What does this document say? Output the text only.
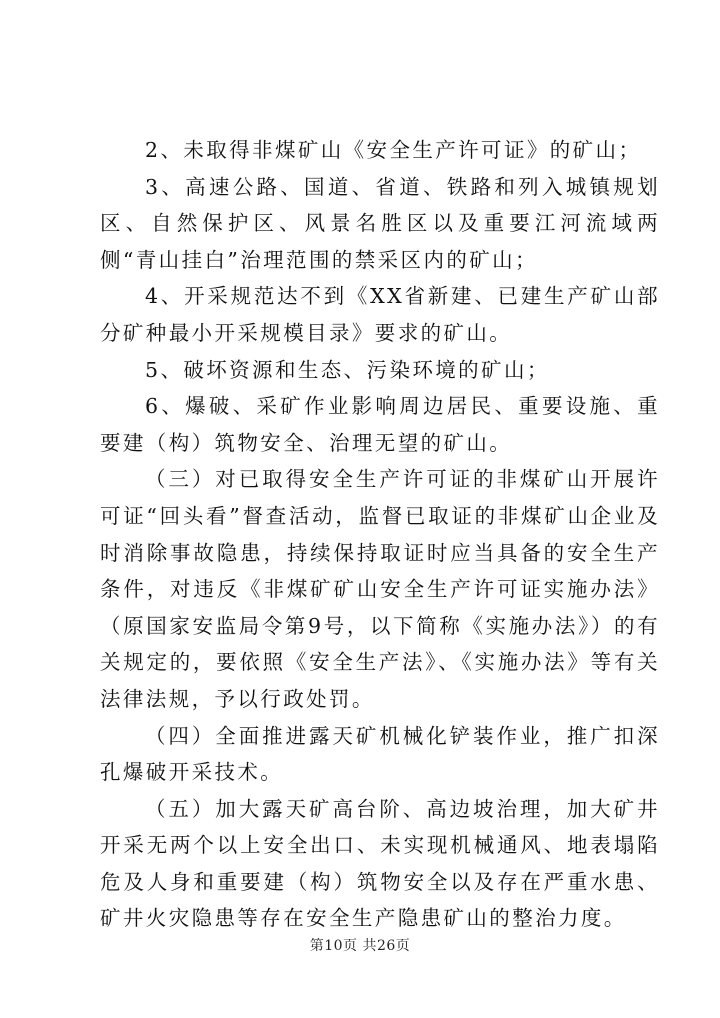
2、未取得非煤矿山《安全生产许可证》的矿山；

3、高速公路、国道、省道、铁路和列入城镇规划区、自然保护区、风景名胜区以及重要江河流域两侧“青山挂白”治理范围的禁采区内的矿山；

4、开采规范达不到《XX省新建、已建生产矿山部分矿种最小开采规模目录》要求的矿山。

5、破坏资源和生态、污染环境的矿山；

6、爆破、采矿作业影响周边居民、重要设施、重要建（构）筑物安全、治理无望的矿山。

（三）对已取得安全生产许可证的非煤矿山开展许可证“回头看”督查活动，监督已取证的非煤矿山企业及时消除事故隐患，持续保持取证时应当具备的安全生产条件，对违反《非煤矿矿山安全生产许可证实施办法》（原国家安监局令第9号，以下简称《实施办法》）的有关规定的，要依照《安全生产法》、《实施办法》等有关法律法规，予以行政处罚。

（四）全面推进露天矿机械化铲装作业，推广扣深孔爆破开采技术。

（五）加大露天矿高台阶、高边坡治理，加大矿井开采无两个以上安全出口、未实现机械通风、地表塌陷危及人身和重要建（构）筑物安全以及存在严重水患、矿井火灾隐患等存在安全生产隐患矿山的整治力度。

第10页 共26页
